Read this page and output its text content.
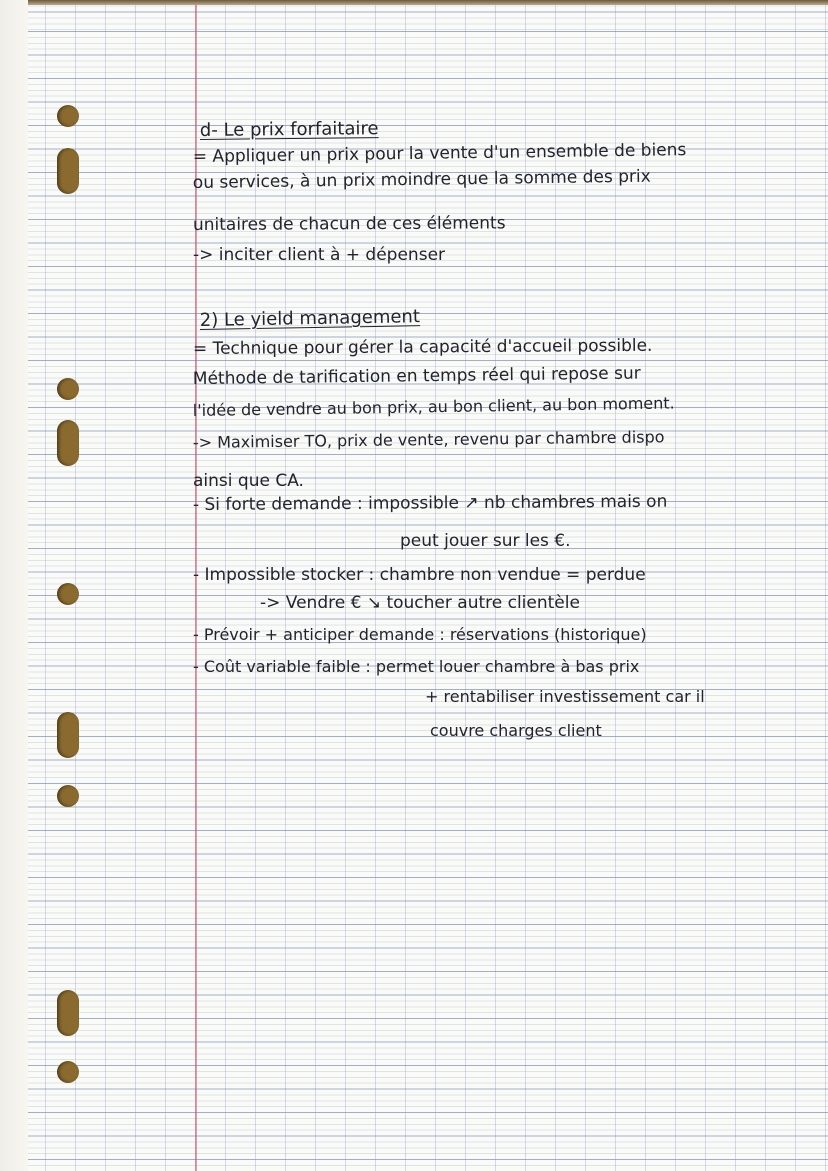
d- Le prix forfaitaire
= Appliquer un prix pour la vente d'un ensemble de biens
ou services, à un prix moindre que la somme des prix
unitaires de chacun de ces éléments
-> inciter client à + dépenser
2) Le yield management
= Technique pour gérer la capacité d'accueil possible.
Méthode de tarification en temps réel qui repose sur
l'idée de vendre au bon prix, au bon client, au bon moment.
-> Maximiser TO, prix de vente, revenu par chambre dispo
ainsi que CA.
- Si forte demande : impossible ↗ nb chambres mais on
peut jouer sur les €.
- Impossible stocker : chambre non vendue = perdue
-> Vendre € ↘ toucher autre clientèle
- Prévoir + anticiper demande : réservations (historique)
- Coût variable faible : permet louer chambre à bas prix
+ rentabiliser investissement car il
couvre charges client
